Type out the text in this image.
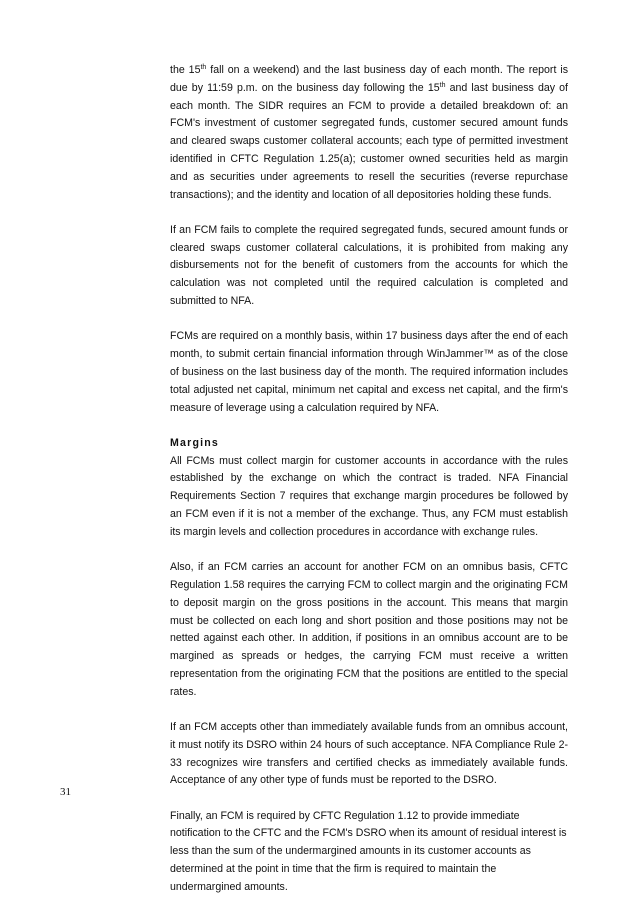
the 15th fall on a weekend) and the last business day of each month. The report is due by 11:59 p.m. on the business day following the 15th and last business day of each month. The SIDR requires an FCM to provide a detailed breakdown of: an FCM's investment of customer segregated funds, customer secured amount funds and cleared swaps customer collateral accounts; each type of permitted investment identified in CFTC Regulation 1.25(a); customer owned securities held as margin and as securities under agreements to resell the securities (reverse repurchase transactions); and the identity and location of all depositories holding these funds.

If an FCM fails to complete the required segregated funds, secured amount funds or cleared swaps customer collateral calculations, it is prohibited from making any disbursements not for the benefit of customers from the accounts for which the calculation was not completed until the required calculation is completed and submitted to NFA.

FCMs are required on a monthly basis, within 17 business days after the end of each month, to submit certain financial information through WinJammer™ as of the close of business on the last business day of the month. The required information includes total adjusted net capital, minimum net capital and excess net capital, and the firm's measure of leverage using a calculation required by NFA.

Margins

All FCMs must collect margin for customer accounts in accordance with the rules established by the exchange on which the contract is traded. NFA Financial Requirements Section 7 requires that exchange margin procedures be followed by an FCM even if it is not a member of the exchange. Thus, any FCM must establish its margin levels and collection procedures in accordance with exchange rules.

Also, if an FCM carries an account for another FCM on an omnibus basis, CFTC Regulation 1.58 requires the carrying FCM to collect margin and the originating FCM to deposit margin on the gross positions in the account. This means that margin must be collected on each long and short position and those positions may not be netted against each other. In addition, if positions in an omnibus account are to be margined as spreads or hedges, the carrying FCM must receive a written representation from the originating FCM that the positions are entitled to the special rates.

If an FCM accepts other than immediately available funds from an omnibus account, it must notify its DSRO within 24 hours of such acceptance. NFA Compliance Rule 2-33 recognizes wire transfers and certified checks as immediately available funds. Acceptance of any other type of funds must be reported to the DSRO.

Finally, an FCM is required by CFTC Regulation 1.12 to provide immediate notification to the CFTC and the FCM's DSRO when its amount of residual interest is less than the sum of the undermargined amounts in its customer accounts as determined at the point in time that the firm is required to maintain the undermargined amounts.

31
